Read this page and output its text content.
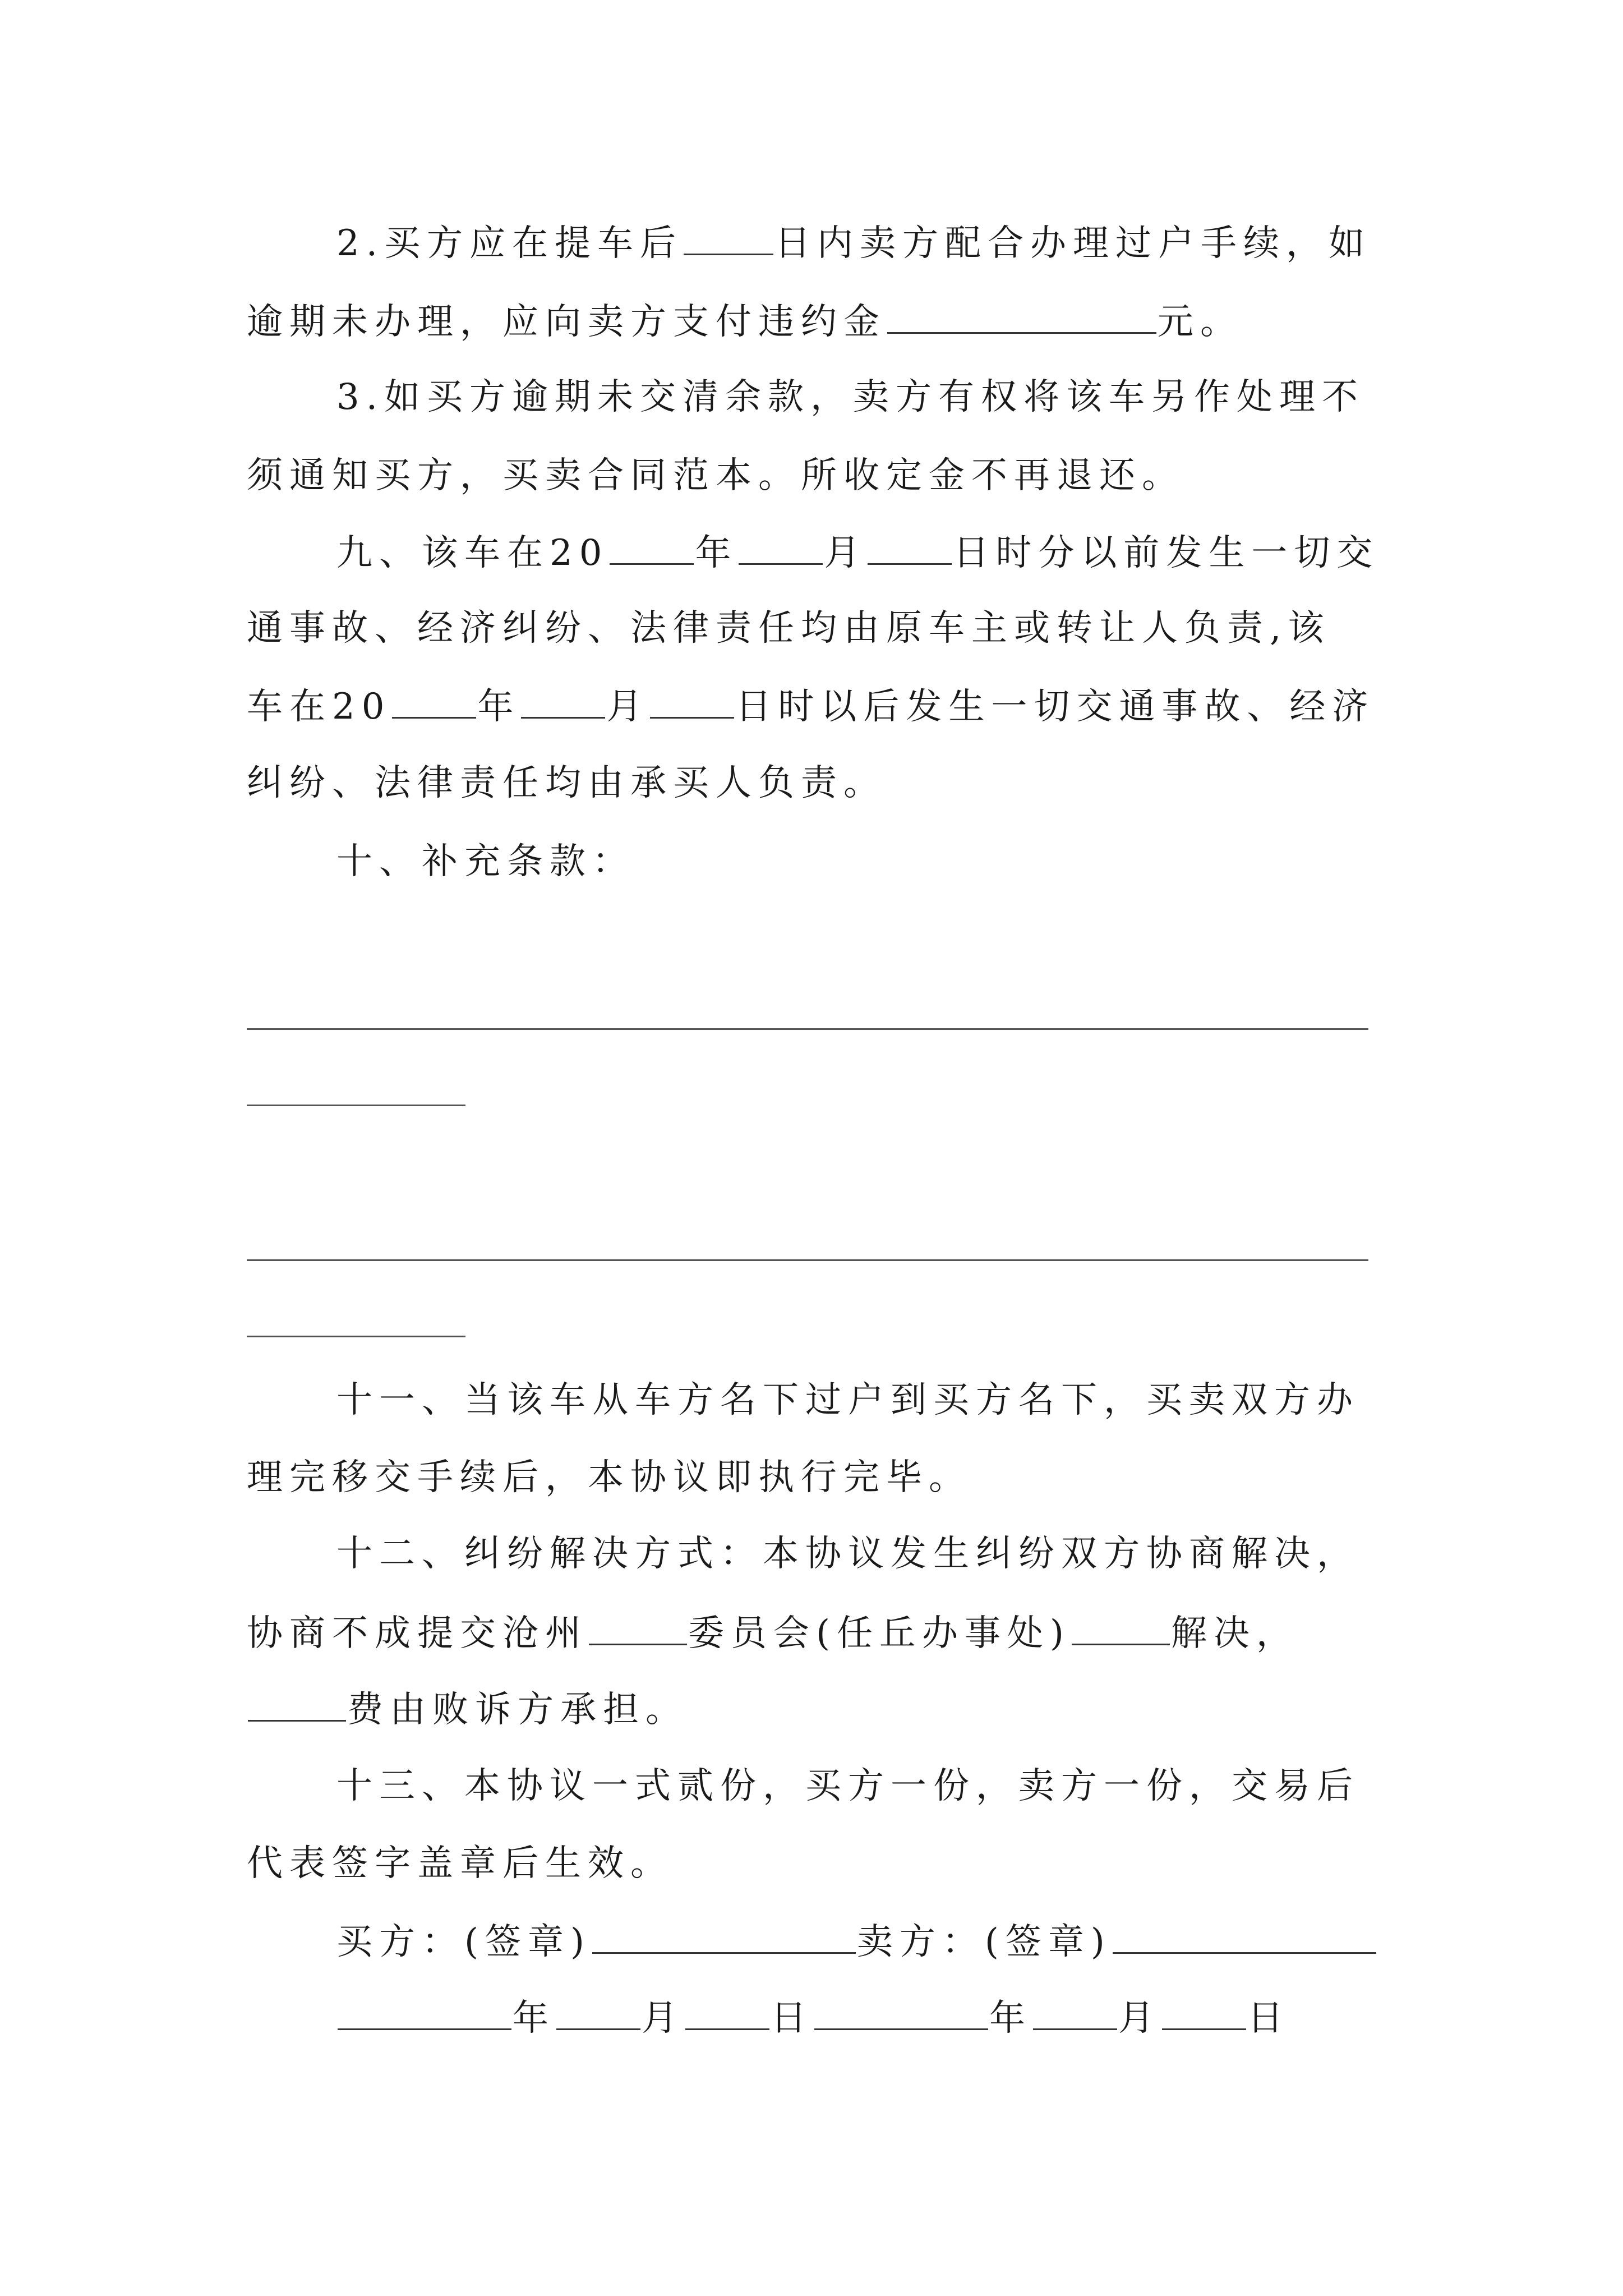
2.买方应在提车后	日内卖方配合办理过户手续，如
逾期未办理，应向卖方支付违约金	元。
3.如买方逾期未交清余款，卖方有权将该车另作处理不
须通知买方，买卖合同范本。所收定金不再退还。
九、该车在20 年 月 日时分以前发生一切交
通事故、经济纠纷、法律责任均由原车主或转让人负责,该
车在20 年 月 日时以后发生一切交通事故、经济
纠纷、法律责任均由承买人负责。
十、补充条款：
十一、当该车从车方名下过户到买方名下，买卖双方办
理完移交手续后，本协议即执行完毕。
十二、纠纷解决方式：本协议发生纠纷双方协商解决，
协商不成提交沧州	委员会(任丘办事处)	解决，
费由败诉方承担。
十三、本协议一式贰份，买方一份，卖方一份，交易后
代表签字盖章后生效。
买方：(签章)	卖方：(签章)
年 月 日	年 月 日
